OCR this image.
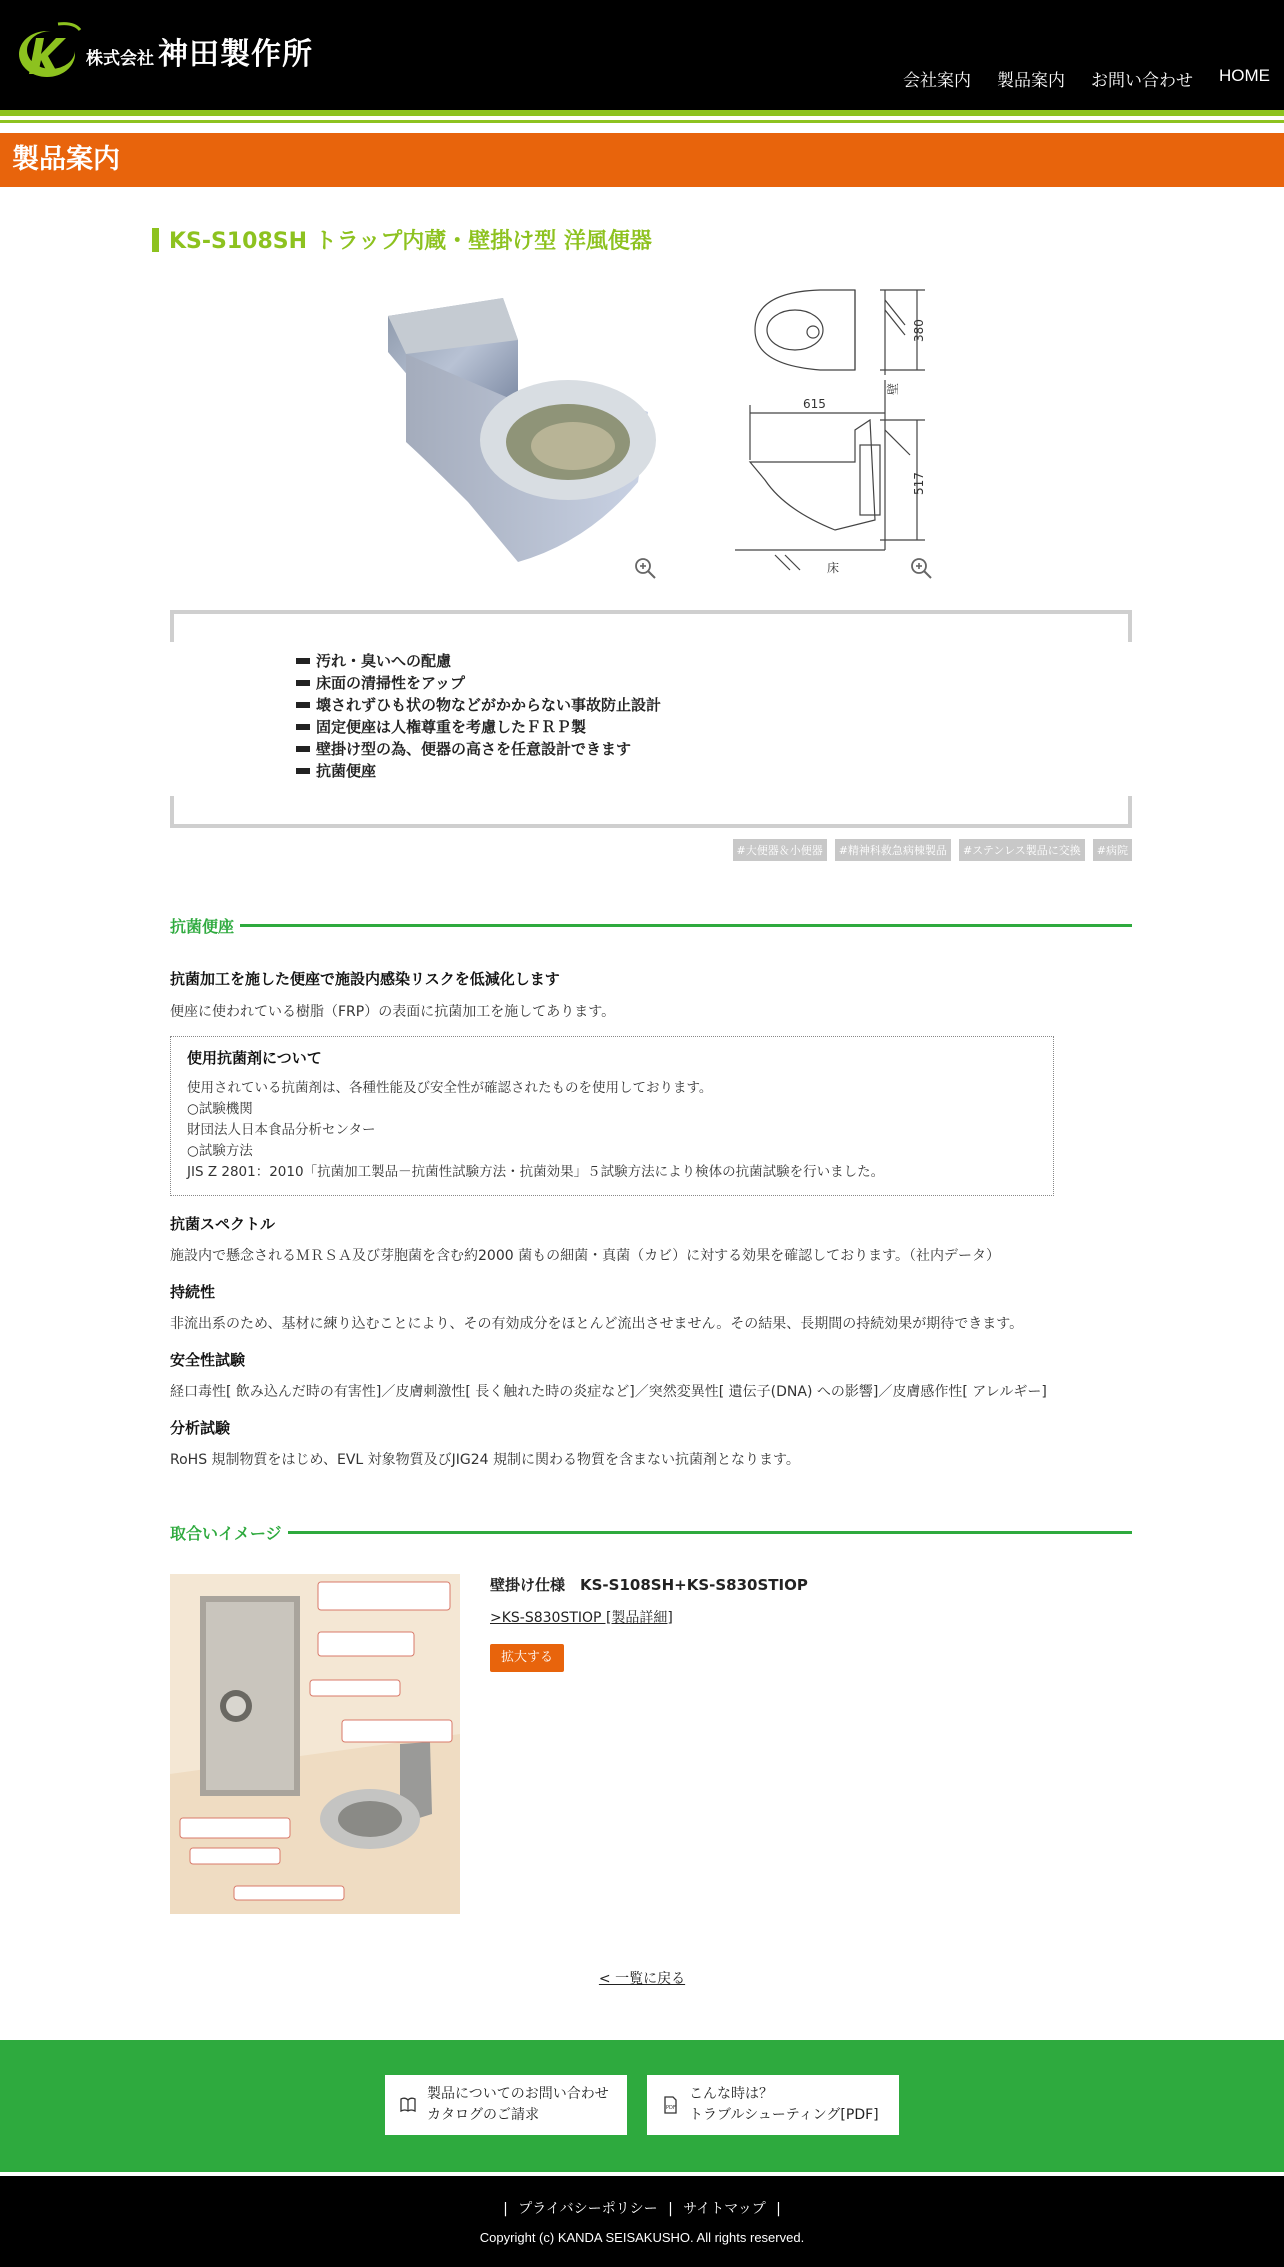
株式会社 神田製作所
会社案内 製品案内 お問い合わせ HOME
製品案内
KS-S108SH トラップ内蔵・壁掛け型 洋風便器
615
380
517
壁
床
汚れ・臭いへの配慮
床面の清掃性をアップ
壊されずひも状の物などがかからない事故防止設計
固定便座は人権尊重を考慮したＦＲＰ製
壁掛け型の為、便器の高さを任意設計できます
抗菌便座
#大便器＆小便器	#精神科救急病棟製品	#ステンレス製品に交換	#病院
抗菌便座
抗菌加工を施した便座で施設内感染リスクを低減化します
便座に使われている樹脂（FRP）の表面に抗菌加工を施してあります。
使用抗菌剤について
使用されている抗菌剤は、各種性能及び安全性が確認されたものを使用しております。
○試験機関
財団法人日本食品分析センター
○試験方法
JIS Z 2801：2010「抗菌加工製品－抗菌性試験方法・抗菌効果」５試験方法により検体の抗菌試験を行いました。
抗菌スペクトル
施設内で懸念されるＭＲＳＡ及び芽胞菌を含む約2000 菌もの細菌・真菌（カビ）に対する効果を確認しております。（社内データ）
持続性
非流出系のため、基材に練り込むことにより、その有効成分をほとんど流出させません。その結果、長期間の持続効果が期待できます。
安全性試験
経口毒性[ 飲み込んだ時の有害性]／皮膚刺激性[ 長く触れた時の炎症など]／突然変異性[ 遺伝子(DNA) への影響]／皮膚感作性[ アレルギー]
分析試験
RoHS 規制物質をはじめ、EVL 対象物質及びJIG24 規制に関わる物質を含まない抗菌剤となります。
取合いイメージ
壁掛け仕様　KS-S108SH+KS-S830STIOP
>KS-S830STIOP [製品詳細]
拡大する
< 一覧に戻る
製品についてのお問い合わせ
カタログのご請求	PDF
こんな時は？
トラブルシューティング[PDF]
| プライバシーポリシー | サイトマップ |
Copyright (c) KANDA SEISAKUSHO. All rights reserved.
